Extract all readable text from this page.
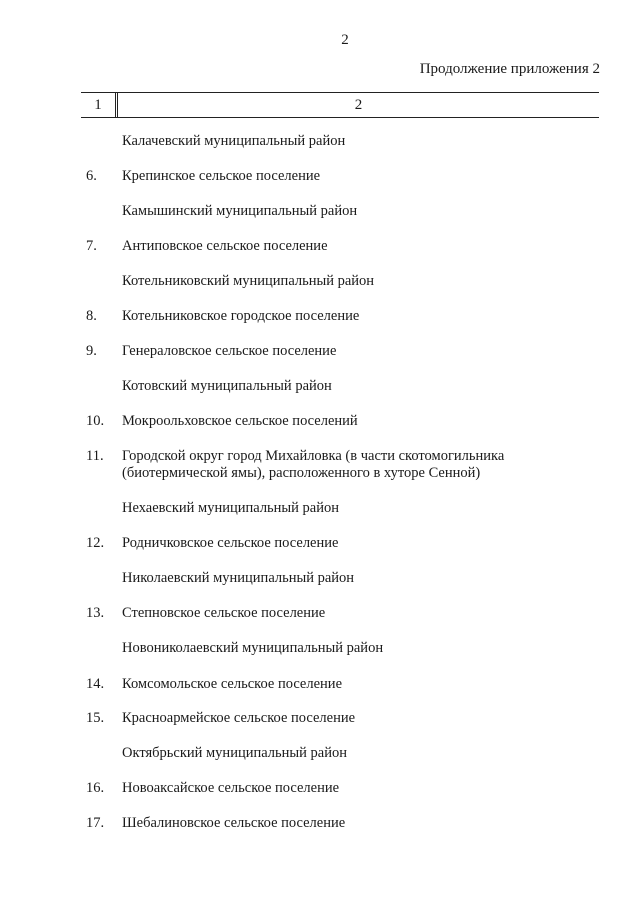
2
Продолжение приложения 2
1	2
Калачевский муниципальный район
6.	Крепинское сельское поселение
Камышинский муниципальный район
7.	Антиповское сельское поселение
Котельниковский муниципальный район
8.	Котельниковское городское поселение
9.	Генераловское сельское поселение
Котовский муниципальный район
10.	Мокроольховское сельское поселений
11.	Городской округ город Михайловка (в части скотомогильника
(биотермической ямы), расположенного в хуторе Сенной)
Нехаевский муниципальный район
12.	Родничковское сельское поселение
Николаевский муниципальный район
13.	Степновское сельское поселение
Новониколаевский муниципальный район
14.	Комсомольское сельское поселение
15.	Красноармейское сельское поселение
Октябрьский муниципальный район
16.	Новоаксайское сельское поселение
17.	Шебалиновское сельское поселение
